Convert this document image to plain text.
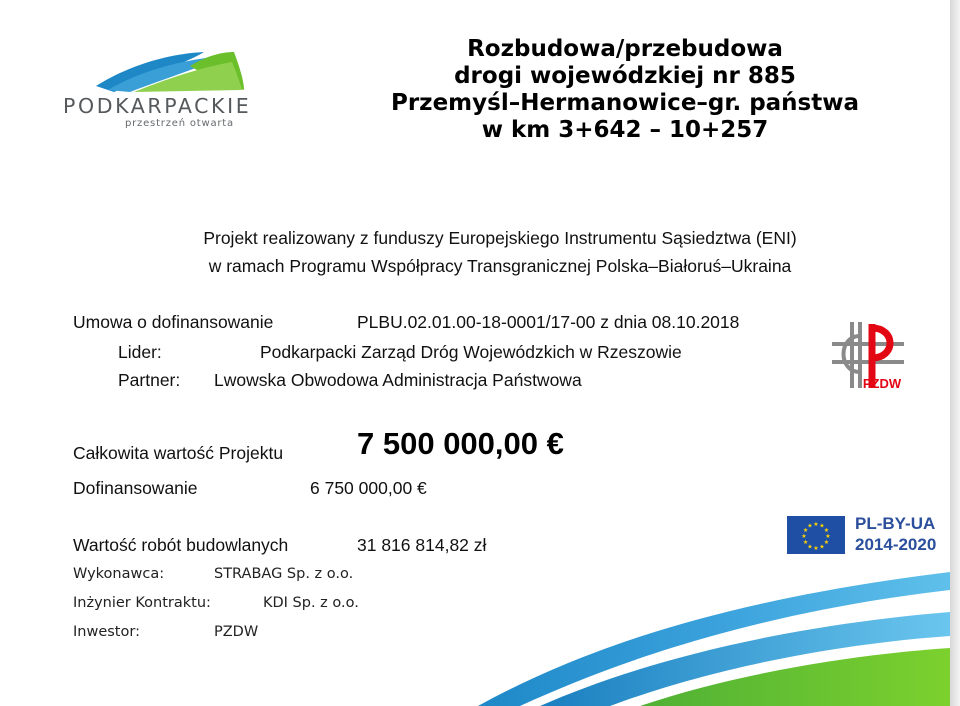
PODKARPACKIE
przestrzeń otwarta
Rozbudowa/przebudowa
drogi wojewódzkiej nr 885
Przemyśl–Hermanowice–gr. państwa
w km 3+642 – 10+257
Projekt realizowany z funduszy Europejskiego Instrumentu Sąsiedztwa (ENI)
w ramach Programu Współpracy Transgranicznej Polska–Białoruś–Ukraina
Umowa o dofinansowanie	PLBU.02.01.00-18-0001/17-00 z dnia 08.10.2018
Lider:	Podkarpacki Zarząd Dróg Wojewódzkich w Rzeszowie
Partner: Lwowska Obwodowa Administracja Państwowa
Całkowita wartość Projektu 7 500 000,00 €
Dofinansowanie	6 750 000,00 €
Wartość robót budowlanych	31 816 814,82 zł
Wykonawca:	STRABAG Sp. z o.o.
Inżynier Kontraktu:	KDI Sp. z o.o.
Inwestor:	PZDW
PZDW
★ ★
★
★
★
★
★
★
★
★
★
★ PL-BY-UA
2014-2020
